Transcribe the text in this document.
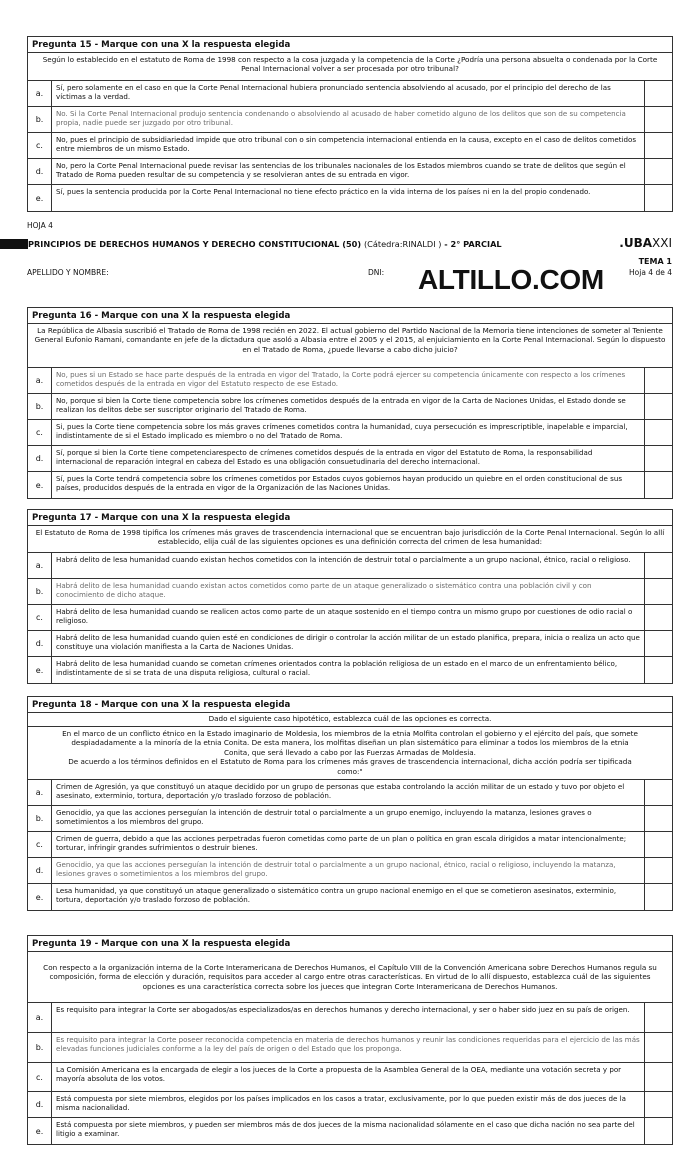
Pregunta 15 - Marque con una X la respuesta elegida

Según lo establecido en el estatuto de Roma de 1998 con respecto a la cosa juzgada y la competencia de la Corte ¿Podría una persona absuelta o condenada por la Corte Penal Internacional volver a ser procesada por otro tribunal?

a.
Sí, pero solamente en el caso en que la Corte Penal Internacional hubiera pronunciado sentencia absolviendo al acusado, por el principio del derecho de las víctimas a la verdad.
b.
No. Si la Corte Penal Internacional produjo sentencia condenando o absolviendo al acusado de haber cometido alguno de los delitos que son de su competencia propia, nadie puede ser juzgado por otro tribunal.
c.
No, pues el principio de subsidiariedad impide que otro tribunal con o sin competencia internacional entienda en la causa, excepto en el caso de delitos cometidos entre miembros de un mismo Estado.
d.
No, pero la Corte Penal Internacional puede revisar las sentencias de los tribunales nacionales de los Estados miembros cuando se trate de delitos que según el Tratado de Roma pueden resultar de su competencia y se resolvieran antes de su entrada en vigor.
e.
Sí, pues la sentencia producida por la Corte Penal Internacional no tiene efecto práctico en la vida interna de los países ni en la del propio condenado.
HOJA 4
PRINCIPIOS DE DERECHOS HUMANOS Y DERECHO CONSTITUCIONAL (50) (Cátedra:RINALDI ) - 2° PARCIAL	.UBAXXI
TEMA 1
Hoja 4 de 4
APELLIDO Y NOMBRE:	DNI: ALTILLO.COM
Pregunta 16 - Marque con una X la respuesta elegida

La República de Albasia suscribió el Tratado de Roma de 1998 recién en 2022. El actual gobierno del Partido Nacional de la Memoria tiene intenciones de someter al Teniente General Eufonio Ramani, comandante en jefe de la dictadura que asoló a Albasia entre el 2005 y el 2015, al enjuiciamiento en la Corte Penal Internacional. Según lo dispuesto en el Tratado de Roma, ¿puede llevarse a cabo dicho juicio?

a.
No, pues si un Estado se hace parte después de la entrada en vigor del Tratado, la Corte podrá ejercer su competencia únicamente con respecto a los crímenes cometidos después de la entrada en vigor del Estatuto respecto de ese Estado.
b.
No, porque si bien la Corte tiene competencia sobre los crímenes cometidos después de la entrada en vigor de la Carta de Naciones Unidas, el Estado donde se realizan los delitos debe ser suscriptor originario del Tratado de Roma.
c.
Si, pues la Corte tiene competencia sobre los más graves crímenes cometidos contra la humanidad, cuya persecución es imprescriptible, inapelable e imparcial, indistintamente de si el Estado implicado es miembro o no del Tratado de Roma.
d.
Sí, porque si bien la Corte tiene competenciarespecto de crímenes cometidos después de la entrada en vigor del Estatuto de Roma, la responsabilidad internacional de reparación integral en cabeza del Estado es una obligación consuetudinaria del derecho internacional.
e.
Sí, pues la Corte tendrá competencia sobre los crímenes cometidos por Estados cuyos gobiernos hayan producido un quiebre en el orden constitucional de sus países, producidos después de la entrada en vigor de la Organización de las Naciones Unidas.
Pregunta 17 - Marque con una X la respuesta elegida

El Estatuto de Roma de 1998 tipifica los crímenes más graves de trascendencia internacional que se encuentran bajo jurisdicción de la Corte Penal Internacional. Según lo allí establecido, elija cuál de las siguientes opciones es una definición correcta del crimen de lesa humanidad:

a.
Habrá delito de lesa humanidad cuando existan hechos cometidos con la intención de destruir total o parcialmente a un grupo nacional, étnico, racial o religioso.
b.
Habrá delito de lesa humanidad cuando existan actos cometidos como parte de un ataque generalizado o sistemático contra una población civil y con conocimiento de dicho ataque.
c.
Habrá delito de lesa humanidad cuando se realicen actos como parte de un ataque sostenido en el tiempo contra un mismo grupo por cuestiones de odio racial o religioso.
d.
Habrá delito de lesa humanidad cuando quien esté en condiciones de dirigir o controlar la acción militar de un estado planifica, prepara, inicia o realiza un acto que constituye una violación manifiesta a la Carta de Naciones Unidas.
e.
Habrá delito de lesa humanidad cuando se cometan crímenes orientados contra la población religiosa de un estado en el marco de un enfrentamiento bélico, indistintamente de si se trata de una disputa religiosa, cultural o racial.
Pregunta 18 - Marque con una X la respuesta elegida

Dado el siguiente caso hipotético, establezca cuál de las opciones es correcta.

En el marco de un conflicto étnico en la Estado imaginario de Moldesia, los miembros de la etnia Molfita controlan el gobierno y el ejército del país, que somete despiadadamente a la minoría de la etnia Conita. De esta manera, los molfitas diseñan un plan sistemático para eliminar a todos los miembros de la etnia Conita, que será llevado a cabo por las Fuerzas Armadas de Moldesia.

De acuerdo a los términos definidos en el Estatuto de Roma para los crímenes más graves de trascendencia internacional, dicha acción podría ser tipificada como:"

a.
Crimen de Agresión, ya que constituyó un ataque decidido por un grupo de personas que estaba controlando la acción militar de un estado y tuvo por objeto el asesinato, exterminio, tortura, deportación y/o traslado forzoso de población.
b.
Genocidio, ya que las acciones perseguían la intención de destruir total o parcialmente a un grupo enemigo, incluyendo la matanza, lesiones graves o sometimientos a los miembros del grupo.
c.
Crimen de guerra, debido a que las acciones perpetradas fueron cometidas como parte de un plan o política en gran escala dirigidos a matar intencionalmente; torturar, infringir grandes sufrimientos o destruir bienes.
d.
Genocidio, ya que las acciones perseguían la intención de destruir total o parcialmente a un grupo nacional, étnico, racial o religioso, incluyendo la matanza, lesiones graves o sometimientos a los miembros del grupo.
e.
Lesa humanidad, ya que constituyó un ataque generalizado o sistemático contra un grupo nacional enemigo en el que se cometieron asesinatos, exterminio, tortura, deportación y/o traslado forzoso de población.
Pregunta 19 - Marque con una X la respuesta elegida

Con respecto a la organización interna de la Corte Interamericana de Derechos Humanos, el Capítulo VIII de la Convención Americana sobre Derechos Humanos regula su composición, forma de elección y duración, requisitos para acceder al cargo entre otras características. En virtud de lo allí dispuesto, establezca cuál de las siguientes opciones es una característica correcta sobre los jueces que integran Corte Interamericana de Derechos Humanos.

a.
Es requisito para integrar la Corte ser abogados/as especializados/as en derechos humanos y derecho internacional, y ser o haber sido juez en su país de origen.
b.
Es requisito para integrar la Corte poseer reconocida competencia en materia de derechos humanos y reunir las condiciones requeridas para el ejercicio de las más elevadas funciones judiciales conforme a la ley del país de origen o del Estado que los proponga.
c.
La Comisión Americana es la encargada de elegir a los jueces de la Corte a propuesta de la Asamblea General de la OEA, mediante una votación secreta y por mayoría absoluta de los votos.
d.
Está compuesta por siete miembros, elegidos por los países implicados en los casos a tratar, exclusivamente, por lo que pueden existir más de dos jueces de la misma nacionalidad.
e.
Está compuesta por siete miembros, y pueden ser miembros más de dos jueces de la misma nacionalidad sólamente en el caso que dicha nación no sea parte del litigio a examinar.
